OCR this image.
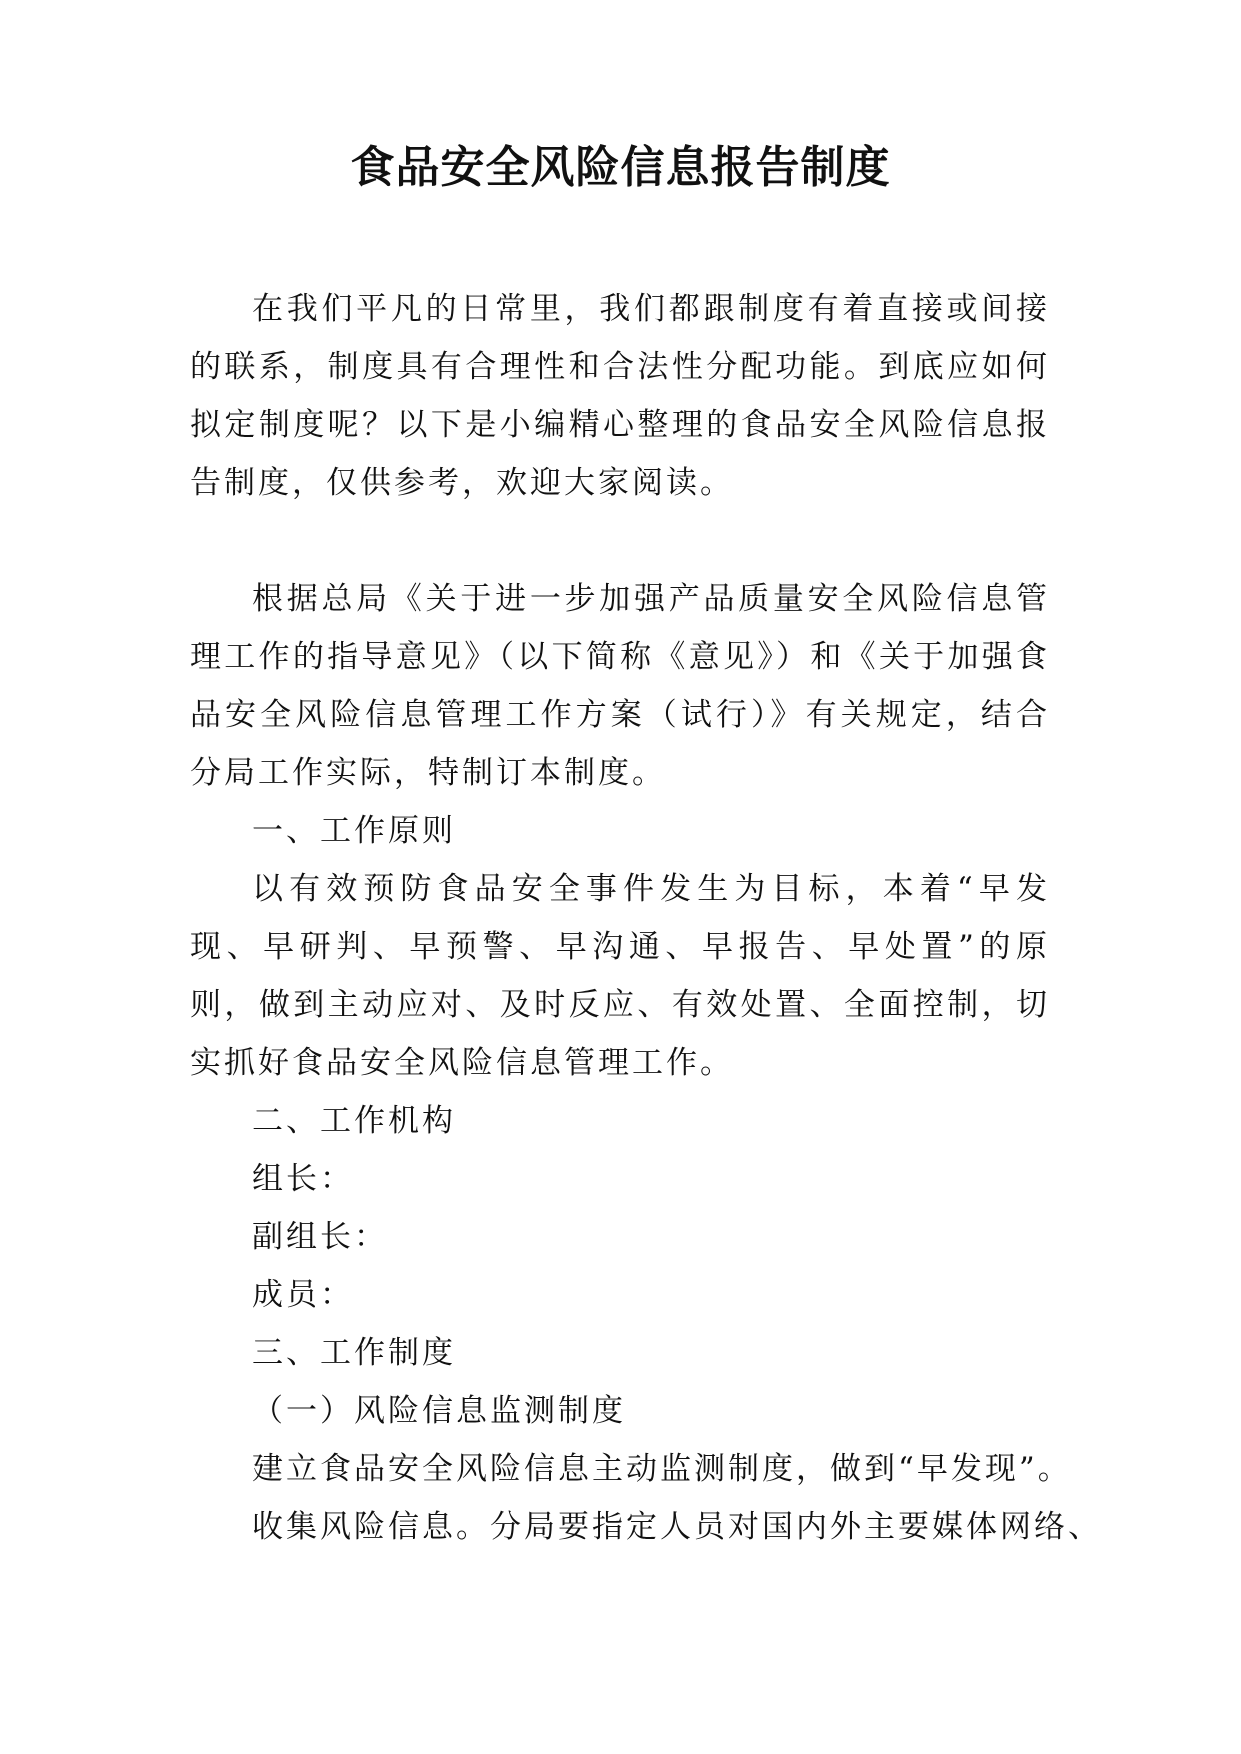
食品安全风险信息报告制度

在我们平凡的日常里，我们都跟制度有着直接或间接的联系，制度具有合理性和合法性分配功能。到底应如何拟定制度呢？以下是小编精心整理的食品安全风险信息报告制度，仅供参考，欢迎大家阅读。

根据总局《关于进一步加强产品质量安全风险信息管理工作的指导意见》（以下简称《意见》）和《关于加强食品安全风险信息管理工作方案（试行）》有关规定，结合分局工作实际，特制订本制度。

一、工作原则

以有效预防食品安全事件发生为目标，本着“早发现、早研判、早预警、早沟通、早报告、早处置”的原则，做到主动应对、及时反应、有效处置、全面控制，切实抓好食品安全风险信息管理工作。

二、工作机构

组长：

副组长：

成员：

三、工作制度

（一）风险信息监测制度

建立食品安全风险信息主动监测制度，做到“早发现”。

收集风险信息。分局要指定人员对国内外主要媒体网络、
